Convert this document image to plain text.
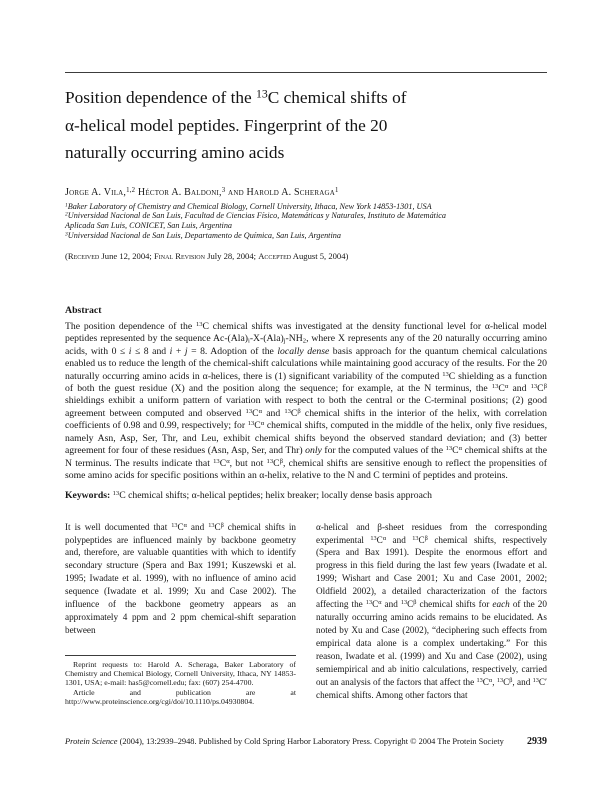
Position dependence of the $^{13}$C chemical shifts of
α-helical model peptides. Fingerprint of the 20
naturally occurring amino acids
Jorge A. Vila,$^{1,2}$ Héctor A. Baldoni,$^3$ and Harold A. Scheraga$^1$
$^1$Baker Laboratory of Chemistry and Chemical Biology, Cornell University, Ithaca, New York 14853-1301, USA
$^2$Universidad Nacional de San Luis, Facultad de Ciencias Físico, Matemáticas y Naturales, Instituto de Matemática
Aplicada San Luis, CONICET, San Luis, Argentina
$^3$Universidad Nacional de San Luis, Departamento de Química, San Luis, Argentina
(Received June 12, 2004; Final Revision July 28, 2004; Accepted August 5, 2004)
Abstract
The position dependence of the $^{13}$C chemical shifts was investigated at the density functional level for α-helical model peptides represented by the sequence $Ac-(Ala)_i-X-(Ala)_j-NH_2$, where X represents any of the 20 naturally occurring amino acids, with 0 ≤ i ≤ 8 and i + j = 8. Adoption of the locally dense basis approach for the quantum chemical calculations enabled us to reduce the length of the chemical-shift calculations while maintaining good accuracy of the results. For the 20 naturally occurring amino acids in α-helices, there is (1) significant variability of the computed $^{13}$C shielding as a function of both the guest residue (X) and the position along the sequence; for example, at the N terminus, the $^{13}C^\alpha$ and $^{13}C^\beta$ shieldings exhibit a uniform pattern of variation with respect to both the central or the C-terminal positions; (2) good agreement between computed and observed $^{13}C^\alpha$ and $^{13}C^\beta$ chemical shifts in the interior of the helix, with correlation coefficients of 0.98 and 0.99, respectively; for $^{13}C^\alpha$ chemical shifts, computed in the middle of the helix, only five residues, namely Asn, Asp, Ser, Thr, and Leu, exhibit chemical shifts beyond the observed standard deviation; and (3) better agreement for four of these residues (Asn, Asp, Ser, and Thr) only for the computed values of the $^{13}C^\alpha$ chemical shifts at the N terminus. The results indicate that $^{13}C^\alpha$, but not $^{13}C^\beta$, chemical shifts are sensitive enough to reflect the propensities of some amino acids for specific positions within an α-helix, relative to the N and C termini of peptides and proteins.
Keywords: $^{13}$C chemical shifts; α-helical peptides; helix breaker; locally dense basis approach
It is well documented that $^{13}C^\alpha$ and $^{13}C^\beta$ chemical shifts in polypeptides are influenced mainly by backbone geometry and, therefore, are valuable quantities with which to identify secondary structure (Spera and Bax 1991; Kuszewski et al. 1995; Iwadate et al. 1999), with no influence of amino acid sequence (Iwadate et al. 1999; Xu and Case 2002). The influence of the backbone geometry appears as an approximately 4 ppm and 2 ppm chemical-shift separation between

Reprint requests to: Harold A. Scheraga, Baker Laboratory of Chemistry and Chemical Biology, Cornell University, Ithaca, NY 14853-1301, USA; e-mail: has5@cornell.edu; fax: (607) 254-4700.

Article and publication are at http://www.proteinscience.org/cgi/doi/10.1110/ps.04930804.

α-helical and β-sheet residues from the corresponding experimental $^{13}C^\alpha$ and $^{13}C^\beta$ chemical shifts, respectively (Spera and Bax 1991). Despite the enormous effort and progress in this field during the last few years (Iwadate et al. 1999; Wishart and Case 2001; Xu and Case 2001, 2002; Oldfield 2002), a detailed characterization of the factors affecting the $^{13}C^\alpha$ and $^{13}C^\beta$ chemical shifts for each of the 20 naturally occurring amino acids remains to be elucidated. As noted by Xu and Case (2002), “deciphering such effects from empirical data alone is a complex undertaking.” For this reason, Iwadate et al. (1999) and Xu and Case (2002), using semiempirical and ab initio calculations, respectively, carried out an analysis of the factors that affect the $^{13}C^\alpha$, $^{13}C^\beta$, and $^{13}$C′ chemical shifts. Among other factors that
Protein Science (2004), 13:2939–2948. Published by Cold Spring Harbor Laboratory Press. Copyright © 2004 The Protein Society 2939
